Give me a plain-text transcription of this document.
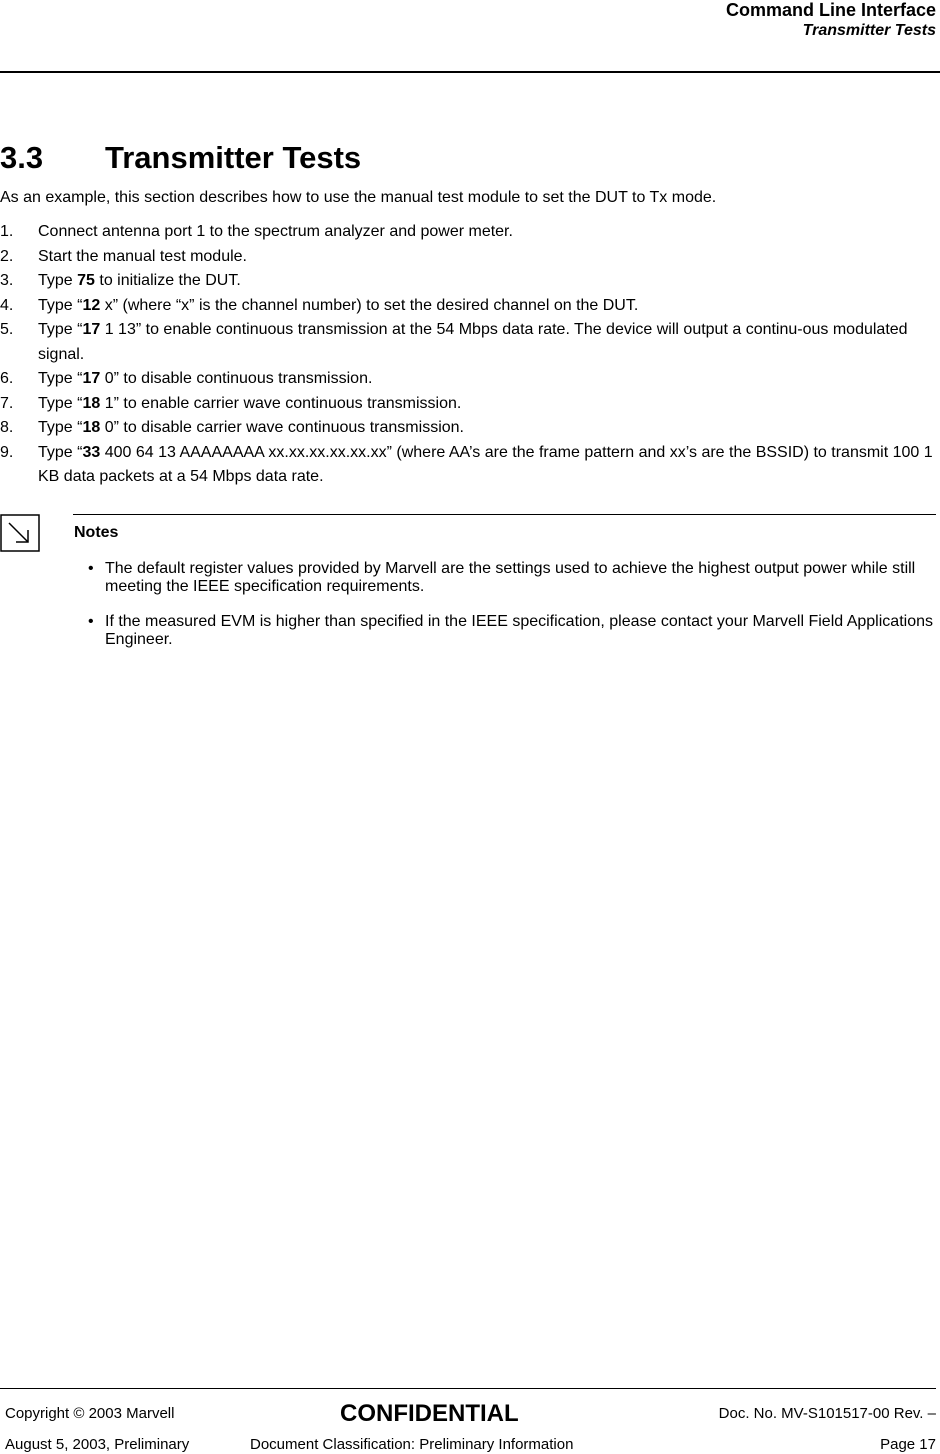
Command Line Interface
Transmitter Tests
3.3 Transmitter Tests
As an example, this section describes how to use the manual test module to set the DUT to Tx mode.
1. Connect antenna port 1 to the spectrum analyzer and power meter.
2. Start the manual test module.
3. Type 75 to initialize the DUT.
4. Type “12 x” (where “x” is the channel number) to set the desired channel on the DUT.
5. Type “17 1 13” to enable continuous transmission at the 54 Mbps data rate. The device will output a continu-ous modulated signal.
6. Type “17 0” to disable continuous transmission.
7. Type “18 1” to enable carrier wave continuous transmission.
8. Type “18 0” to disable carrier wave continuous transmission.
9. Type “33 400 64 13 AAAAAAAA xx.xx.xx.xx.xx.xx” (where AA’s are the frame pattern and xx’s are the BSSID) to transmit 100 1 KB data packets at a 54 Mbps data rate.
Notes
• The default register values provided by Marvell are the settings used to achieve the highest output power while still meeting the IEEE specification requirements.
• If the measured EVM is higher than specified in the IEEE specification, please contact your Marvell Field Applications Engineer.
Copyright © 2003 Marvell	CONFIDENTIAL	Doc. No. MV-S101517-00 Rev. –
August 5, 2003, Preliminary	Document Classification: Preliminary Information	Page 17
